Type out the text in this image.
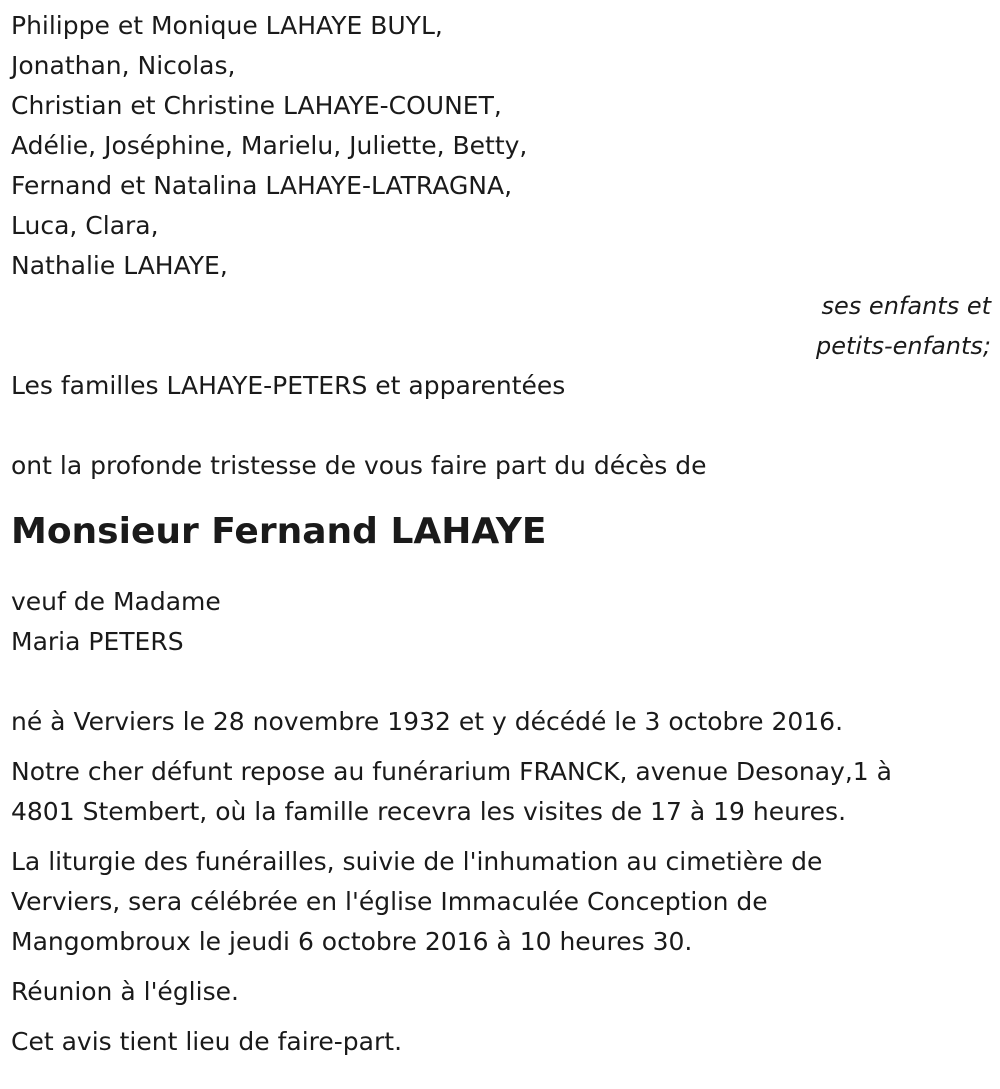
Philippe et Monique LAHAYE BUYL,
Jonathan, Nicolas,
Christian et Christine LAHAYE-COUNET,
Adélie, Joséphine, Marielu, Juliette, Betty,
Fernand et Natalina LAHAYE-LATRAGNA,
Luca, Clara,
Nathalie LAHAYE,
ses enfants et
petits-enfants;
Les familles LAHAYE-PETERS et apparentées
ont la profonde tristesse de vous faire part du décès de
Monsieur Fernand LAHAYE
veuf de Madame
Maria PETERS
né à Verviers le 28 novembre 1932 et y décédé le 3 octobre 2016.
Notre cher défunt repose au funérarium FRANCK, avenue Desonay,1 à
4801 Stembert, où la famille recevra les visites de 17 à 19 heures.
La liturgie des funérailles, suivie de l'inhumation au cimetière de
Verviers, sera célébrée en l'église Immaculée Conception de
Mangombroux le jeudi 6 octobre 2016 à 10 heures 30.
Réunion à l'église.
Cet avis tient lieu de faire-part.
